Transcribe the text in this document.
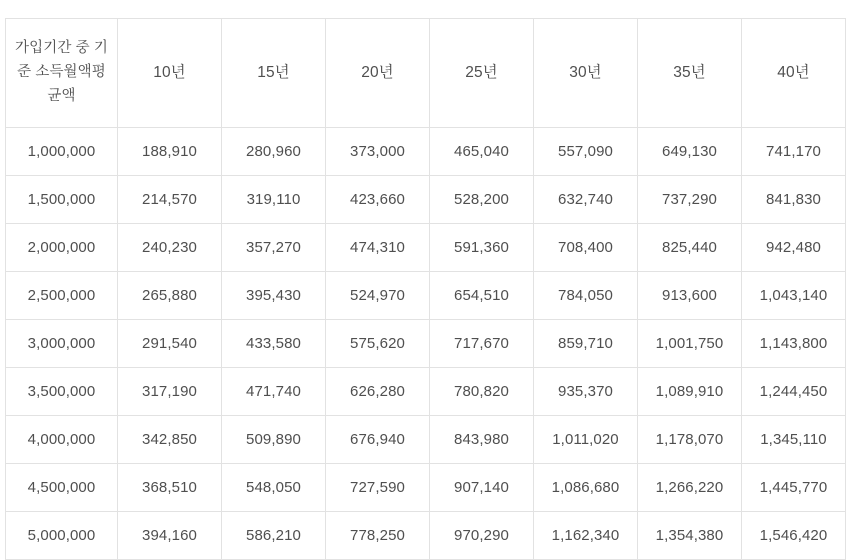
가입기간 중 기준 소득월액평균액	10년	15년	20년	25년	30년	35년	40년
1,000,000	188,910	280,960	373,000	465,040	557,090	649,130	741,170
1,500,000	214,570	319,110	423,660	528,200	632,740	737,290	841,830
2,000,000	240,230	357,270	474,310	591,360	708,400	825,440	942,480
2,500,000	265,880	395,430	524,970	654,510	784,050	913,600	1,043,140
3,000,000	291,540	433,580	575,620	717,670	859,710	1,001,750	1,143,800
3,500,000	317,190	471,740	626,280	780,820	935,370	1,089,910	1,244,450
4,000,000	342,850	509,890	676,940	843,980	1,011,020	1,178,070	1,345,110
4,500,000	368,510	548,050	727,590	907,140	1,086,680	1,266,220	1,445,770
5,000,000	394,160	586,210	778,250	970,290	1,162,340	1,354,380	1,546,420
